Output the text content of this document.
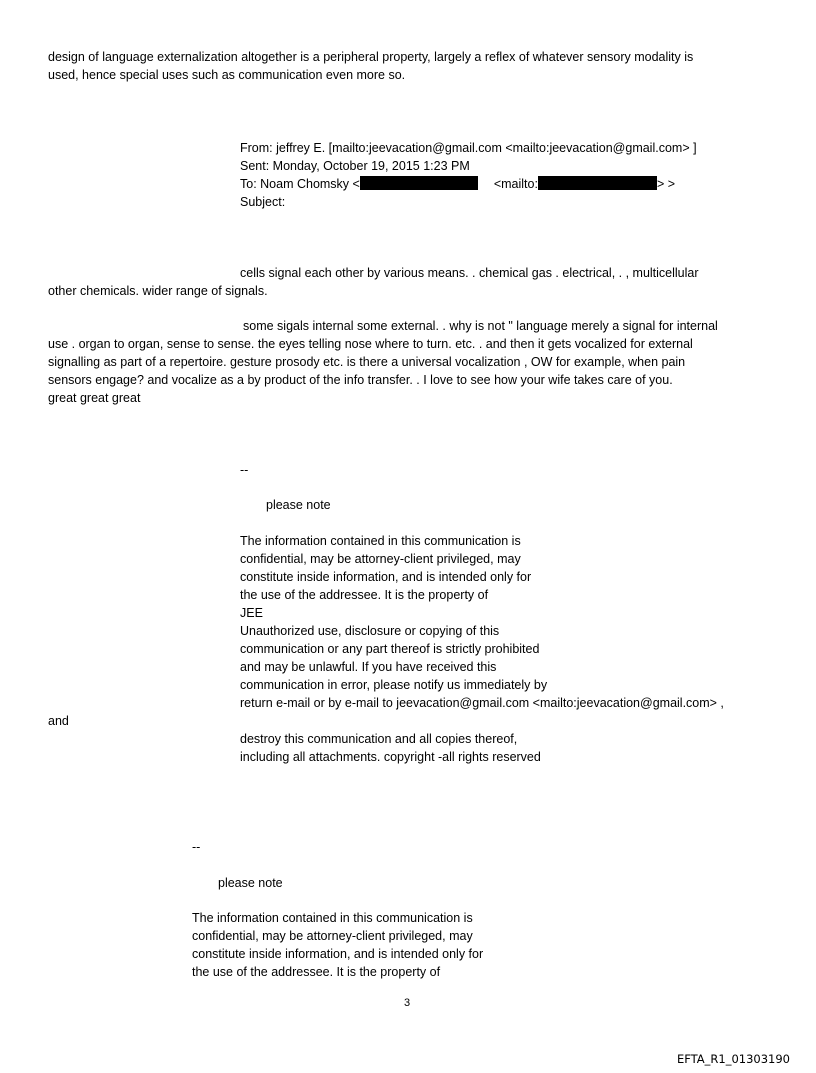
design of language externalization altogether is a peripheral property, largely a reflex of whatever sensory modality is
used, hence special uses such as communication even more so.
From: jeffrey E. [mailto:jeevacation@gmail.com <mailto:jeevacation@gmail.com> ]
Sent: Monday, October 19, 2015 1:23 PM
To: Noam Chomsky <	<mailto:	> >
Subject:
cells signal each other by various means. . chemical gas . electrical, . , multicellular
other chemicals. wider range of signals.
some sigals internal some external. . why is not " language merely a signal for internal
use . organ to organ, sense to sense. the eyes telling nose where to turn. etc. . and then it gets vocalized for external
signalling as part of a repertoire. gesture prosody etc. is there a universal vocalization , OW for example, when pain
sensors engage? and vocalize as a by product of the info transfer. . I love to see how your wife takes care of you.
great great great
--
please note
The information contained in this communication is
confidential, may be attorney-client privileged, may
constitute inside information, and is intended only for
the use of the addressee. It is the property of
JEE
Unauthorized use, disclosure or copying of this
communication or any part thereof is strictly prohibited
and may be unlawful. If you have received this
communication in error, please notify us immediately by
return e-mail or by e-mail to jeevacation@gmail.com <mailto:jeevacation@gmail.com> ,
and
destroy this communication and all copies thereof,
including all attachments. copyright -all rights reserved
--
please note
The information contained in this communication is
confidential, may be attorney-client privileged, may
constitute inside information, and is intended only for
the use of the addressee. It is the property of
3
EFTA_R1_01303190
